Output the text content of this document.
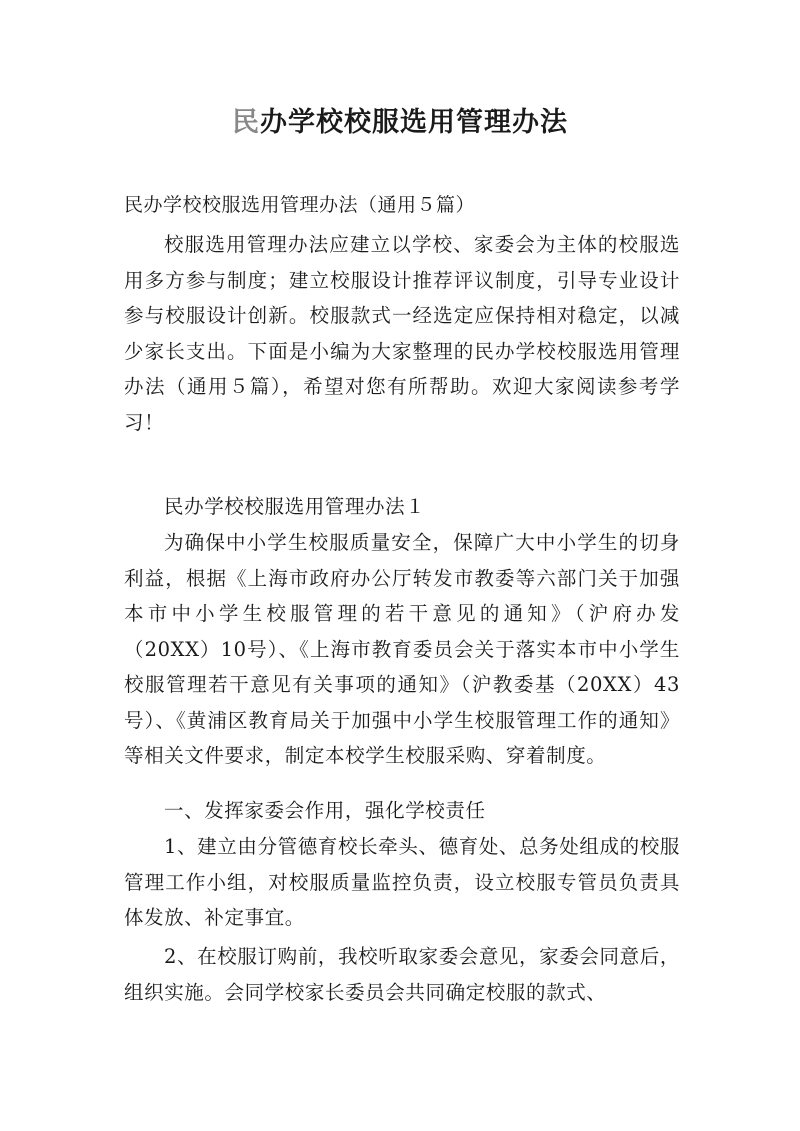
民办学校校服选用管理办法
民办学校校服选用管理办法（通用５篇）

校服选用管理办法应建立以学校、家委会为主体的校服选用多方参与制度；建立校服设计推荐评议制度，引导专业设计参与校服设计创新。校服款式一经选定应保持相对稳定，以减少家长支出。下面是小编为大家整理的民办学校校服选用管理办法（通用５篇），希望对您有所帮助。欢迎大家阅读参考学习！

民办学校校服选用管理办法１

为确保中小学生校服质量安全，保障广大中小学生的切身利益，根据《上海市政府办公厅转发市教委等六部门关于加强本市中小学生校服管理的若干意见的通知》（沪府办发（20XX）10号）、《上海市教育委员会关于落实本市中小学生校服管理若干意见有关事项的通知》（沪教委基（20XX）43号）、《黄浦区教育局关于加强中小学生校服管理工作的通知》等相关文件要求，制定本校学生校服采购、穿着制度。

一、发挥家委会作用，强化学校责任

1、建立由分管德育校长牵头、德育处、总务处组成的校服管理工作小组，对校服质量监控负责，设立校服专管员负责具体发放、补定事宜。

2、在校服订购前，我校听取家委会意见，家委会同意后，组织实施。会同学校家长委员会共同确定校服的款式、
